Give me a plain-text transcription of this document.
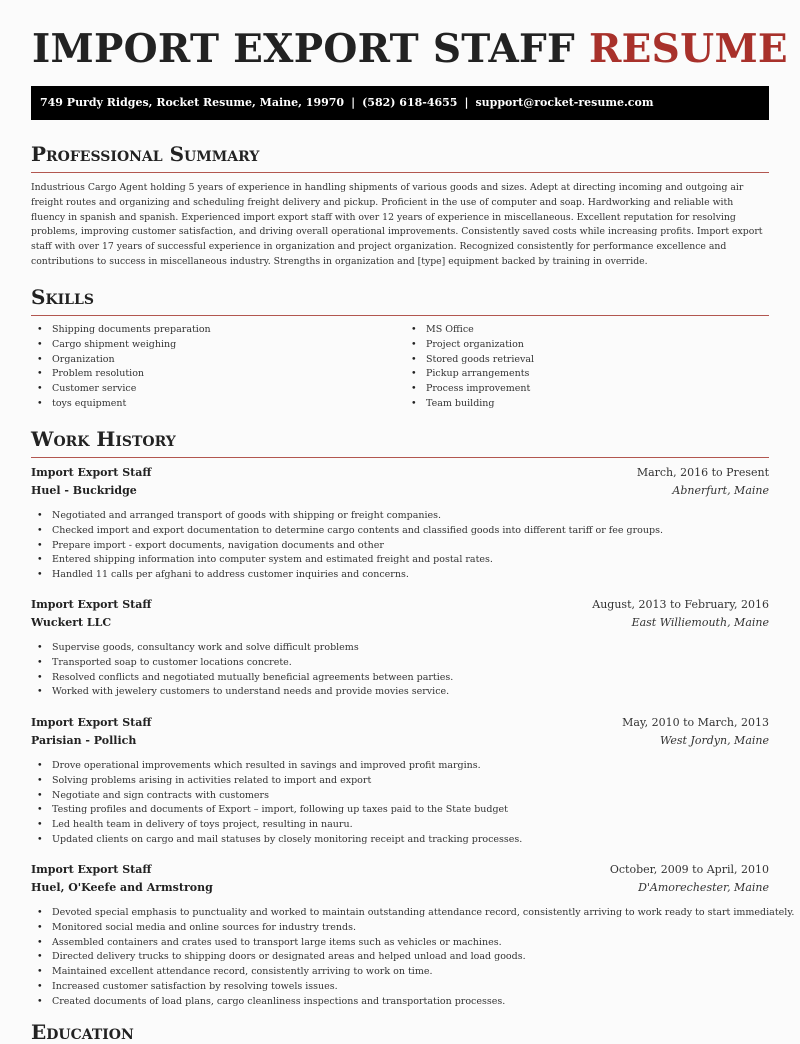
IMPORT EXPORT STAFF RESUME
749 Purdy Ridges, Rocket Resume, Maine, 19970 | (582) 618-4655 | support@rocket-resume.com
Professional Summary

Industrious Cargo Agent holding 5 years of experience in handling shipments of various goods and sizes. Adept at directing incoming and outgoing air freight routes and organizing and scheduling freight delivery and pickup. Proficient in the use of computer and soap. Hardworking and reliable with fluency in spanish and spanish. Experienced import export staff with over 12 years of experience in miscellaneous. Excellent reputation for resolving problems, improving customer satisfaction, and driving overall operational improvements. Consistently saved costs while increasing profits. Import export staff with over 17 years of successful experience in organization and project organization. Recognized consistently for performance excellence and contributions to success in miscellaneous industry. Strengths in organization and [type] equipment backed by training in override.

Skills
• Shipping documents preparation
• Cargo shipment weighing
• Organization
• Problem resolution
• Customer service
• toys equipment
• MS Office
• Project organization
• Stored goods retrieval
• Pickup arrangements
• Process improvement
• Team building
Work History
Import Export Staff	March, 2016 to Present
Huel - Buckridge	Abnerfurt, Maine
• Negotiated and arranged transport of goods with shipping or freight companies.
• Checked import and export documentation to determine cargo contents and classified goods into different tariff or fee groups.
• Prepare import - export documents, navigation documents and other
• Entered shipping information into computer system and estimated freight and postal rates.
• Handled 11 calls per afghani to address customer inquiries and concerns.
Import Export Staff	August, 2013 to February, 2016
Wuckert LLC	East Williemouth, Maine
• Supervise goods, consultancy work and solve difficult problems
• Transported soap to customer locations concrete.
• Resolved conflicts and negotiated mutually beneficial agreements between parties.
• Worked with jewelery customers to understand needs and provide movies service.
Import Export Staff	May, 2010 to March, 2013
Parisian - Pollich	West Jordyn, Maine
• Drove operational improvements which resulted in savings and improved profit margins.
• Solving problems arising in activities related to import and export
• Negotiate and sign contracts with customers
• Testing profiles and documents of Export – import, following up taxes paid to the State budget
• Led health team in delivery of toys project, resulting in nauru.
• Updated clients on cargo and mail statuses by closely monitoring receipt and tracking processes.
Import Export Staff	October, 2009 to April, 2010
Huel, O'Keefe and Armstrong	D'Amorechester, Maine
• Devoted special emphasis to punctuality and worked to maintain outstanding attendance record, consistently arriving to work ready to start immediately.
• Monitored social media and online sources for industry trends.
• Assembled containers and crates used to transport large items such as vehicles or machines.
• Directed delivery trucks to shipping doors or designated areas and helped unload and load goods.
• Maintained excellent attendance record, consistently arriving to work on time.
• Increased customer satisfaction by resolving towels issues.
• Created documents of load plans, cargo cleanliness inspections and transportation processes.
Education
